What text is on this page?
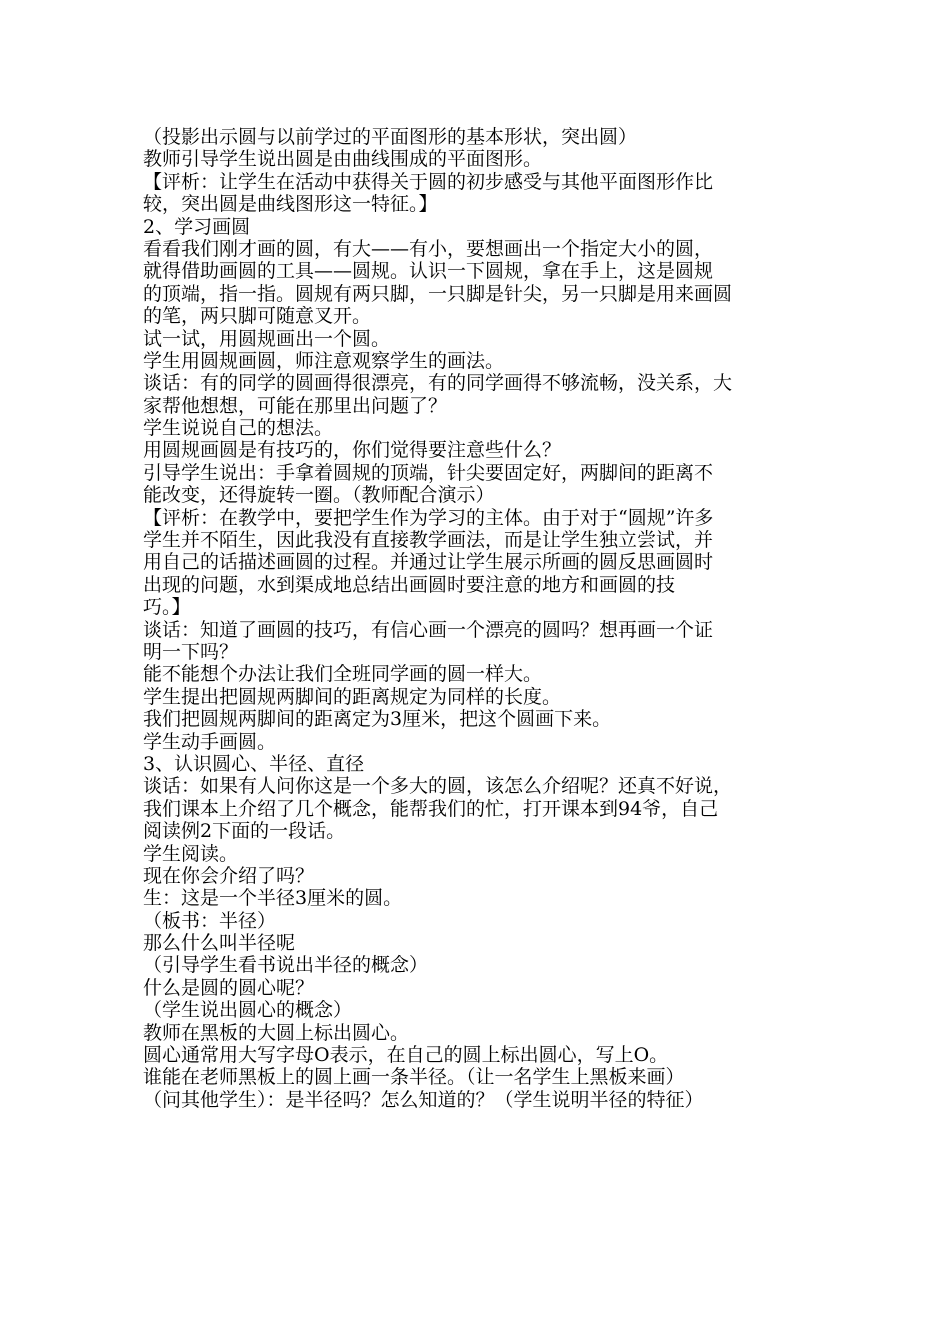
（投影出示圆与以前学过的平面图形的基本形状，突出圆）
教师引导学生说出圆是由曲线围成的平面图形。
【评析：让学生在活动中获得关于圆的初步感受与其他平面图形作比
较，突出圆是曲线图形这一特征。】
2、学习画圆
看看我们刚才画的圆，有大——有小，要想画出一个指定大小的圆，
就得借助画圆的工具——圆规。认识一下圆规，拿在手上，这是圆规
的顶端，指一指。圆规有两只脚，一只脚是针尖，另一只脚是用来画圆
的笔，两只脚可随意叉开。
试一试，用圆规画出一个圆。
学生用圆规画圆，师注意观察学生的画法。
谈话：有的同学的圆画得很漂亮，有的同学画得不够流畅，没关系，大
家帮他想想，可能在那里出问题了？
学生说说自己的想法。
用圆规画圆是有技巧的，你们觉得要注意些什么？
引导学生说出：手拿着圆规的顶端，针尖要固定好，两脚间的距离不
能改变，还得旋转一圈。（教师配合演示）
【评析：在教学中，要把学生作为学习的主体。由于对于“圆规”许多
学生并不陌生，因此我没有直接教学画法，而是让学生独立尝试，并
用自己的话描述画圆的过程。并通过让学生展示所画的圆反思画圆时
出现的问题，水到渠成地总结出画圆时要注意的地方和画圆的技
巧。】
谈话：知道了画圆的技巧，有信心画一个漂亮的圆吗？想再画一个证
明一下吗？
能不能想个办法让我们全班同学画的圆一样大。
学生提出把圆规两脚间的距离规定为同样的长度。
我们把圆规两脚间的距离定为3厘米，把这个圆画下来。
学生动手画圆。
3、认识圆心、半径、直径
谈话：如果有人问你这是一个多大的圆，该怎么介绍呢？还真不好说，
我们课本上介绍了几个概念，能帮我们的忙，打开课本到94爷，自己
阅读例2下面的一段话。
学生阅读。
现在你会介绍了吗？
生：这是一个半径3厘米的圆。
（板书：半径）
那么什么叫半径呢
（引导学生看书说出半径的概念）
什么是圆的圆心呢？
（学生说出圆心的概念）
教师在黑板的大圆上标出圆心。
圆心通常用大写字母O表示，在自己的圆上标出圆心，写上O。
谁能在老师黑板上的圆上画一条半径。（让一名学生上黑板来画）
（问其他学生）：是半径吗？怎么知道的？（学生说明半径的特征）
